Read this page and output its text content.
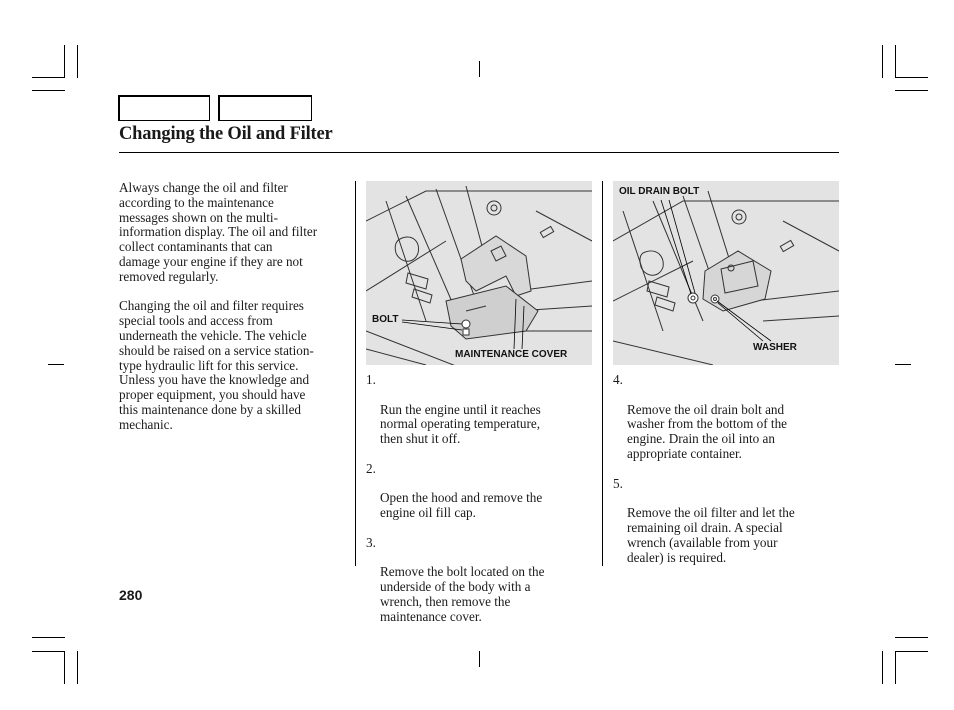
Changing the Oil and Filter

Always change the oil and filter
according to the maintenance
messages shown on the multi-
information display. The oil and filter
collect contaminants that can
damage your engine if they are not
removed regularly.

Changing the oil and filter requires
special tools and access from
underneath the vehicle. The vehicle
should be raised on a service station-
type hydraulic lift for this service.
Unless you have the knowledge and
proper equipment, you should have
this maintenance done by a skilled
mechanic.

BOLT
MAINTENANCE COVER
OIL DRAIN BOLT
WASHER

1.

Run the engine until it reaches
normal operating temperature,
then shut it off.

2.

Open the hood and remove the
engine oil fill cap.

3.

Remove the bolt located on the
underside of the body with a
wrench, then remove the
maintenance cover.

4.

Remove the oil drain bolt and
washer from the bottom of the
engine. Drain the oil into an
appropriate container.

5.

Remove the oil filter and let the
remaining oil drain. A special
wrench (available from your
dealer) is required.

280
